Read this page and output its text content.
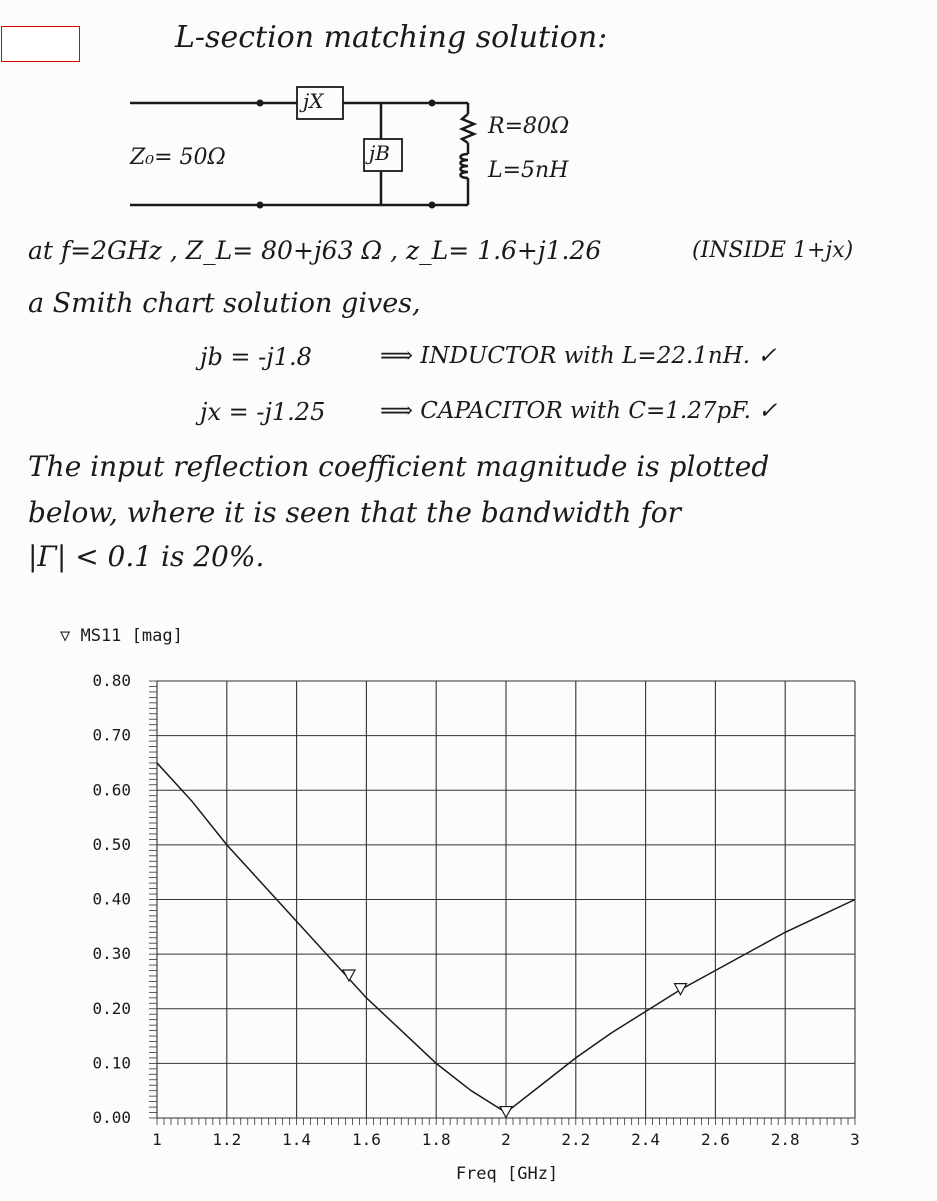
L-section matching solution:
jX
jB
Z₀= 50Ω
R=80Ω
L=5nH
at f=2GHz , Z_L= 80+j63 Ω , z_L= 1.6+j1.26	(INSIDE 1+jx)
a Smith chart solution gives,
jb = -j1.8	⟹ INDUCTOR with L=22.1nH. ✓
jx = -j1.25 ⟹ CAPACITOR with C=1.27pF. ✓
The input reflection coefficient magnitude is plotted
below, where it is seen that the bandwidth for
|Γ| < 0.1 is 20%.
▽ MS11 [mag]
Freq [GHz]
1	1.2	1.4	1.6	1.8	2	2.2	2.4	2.6	2.8	3
0.00
0.10
0.20
0.30
0.40
0.50
0.60
0.70
0.80
